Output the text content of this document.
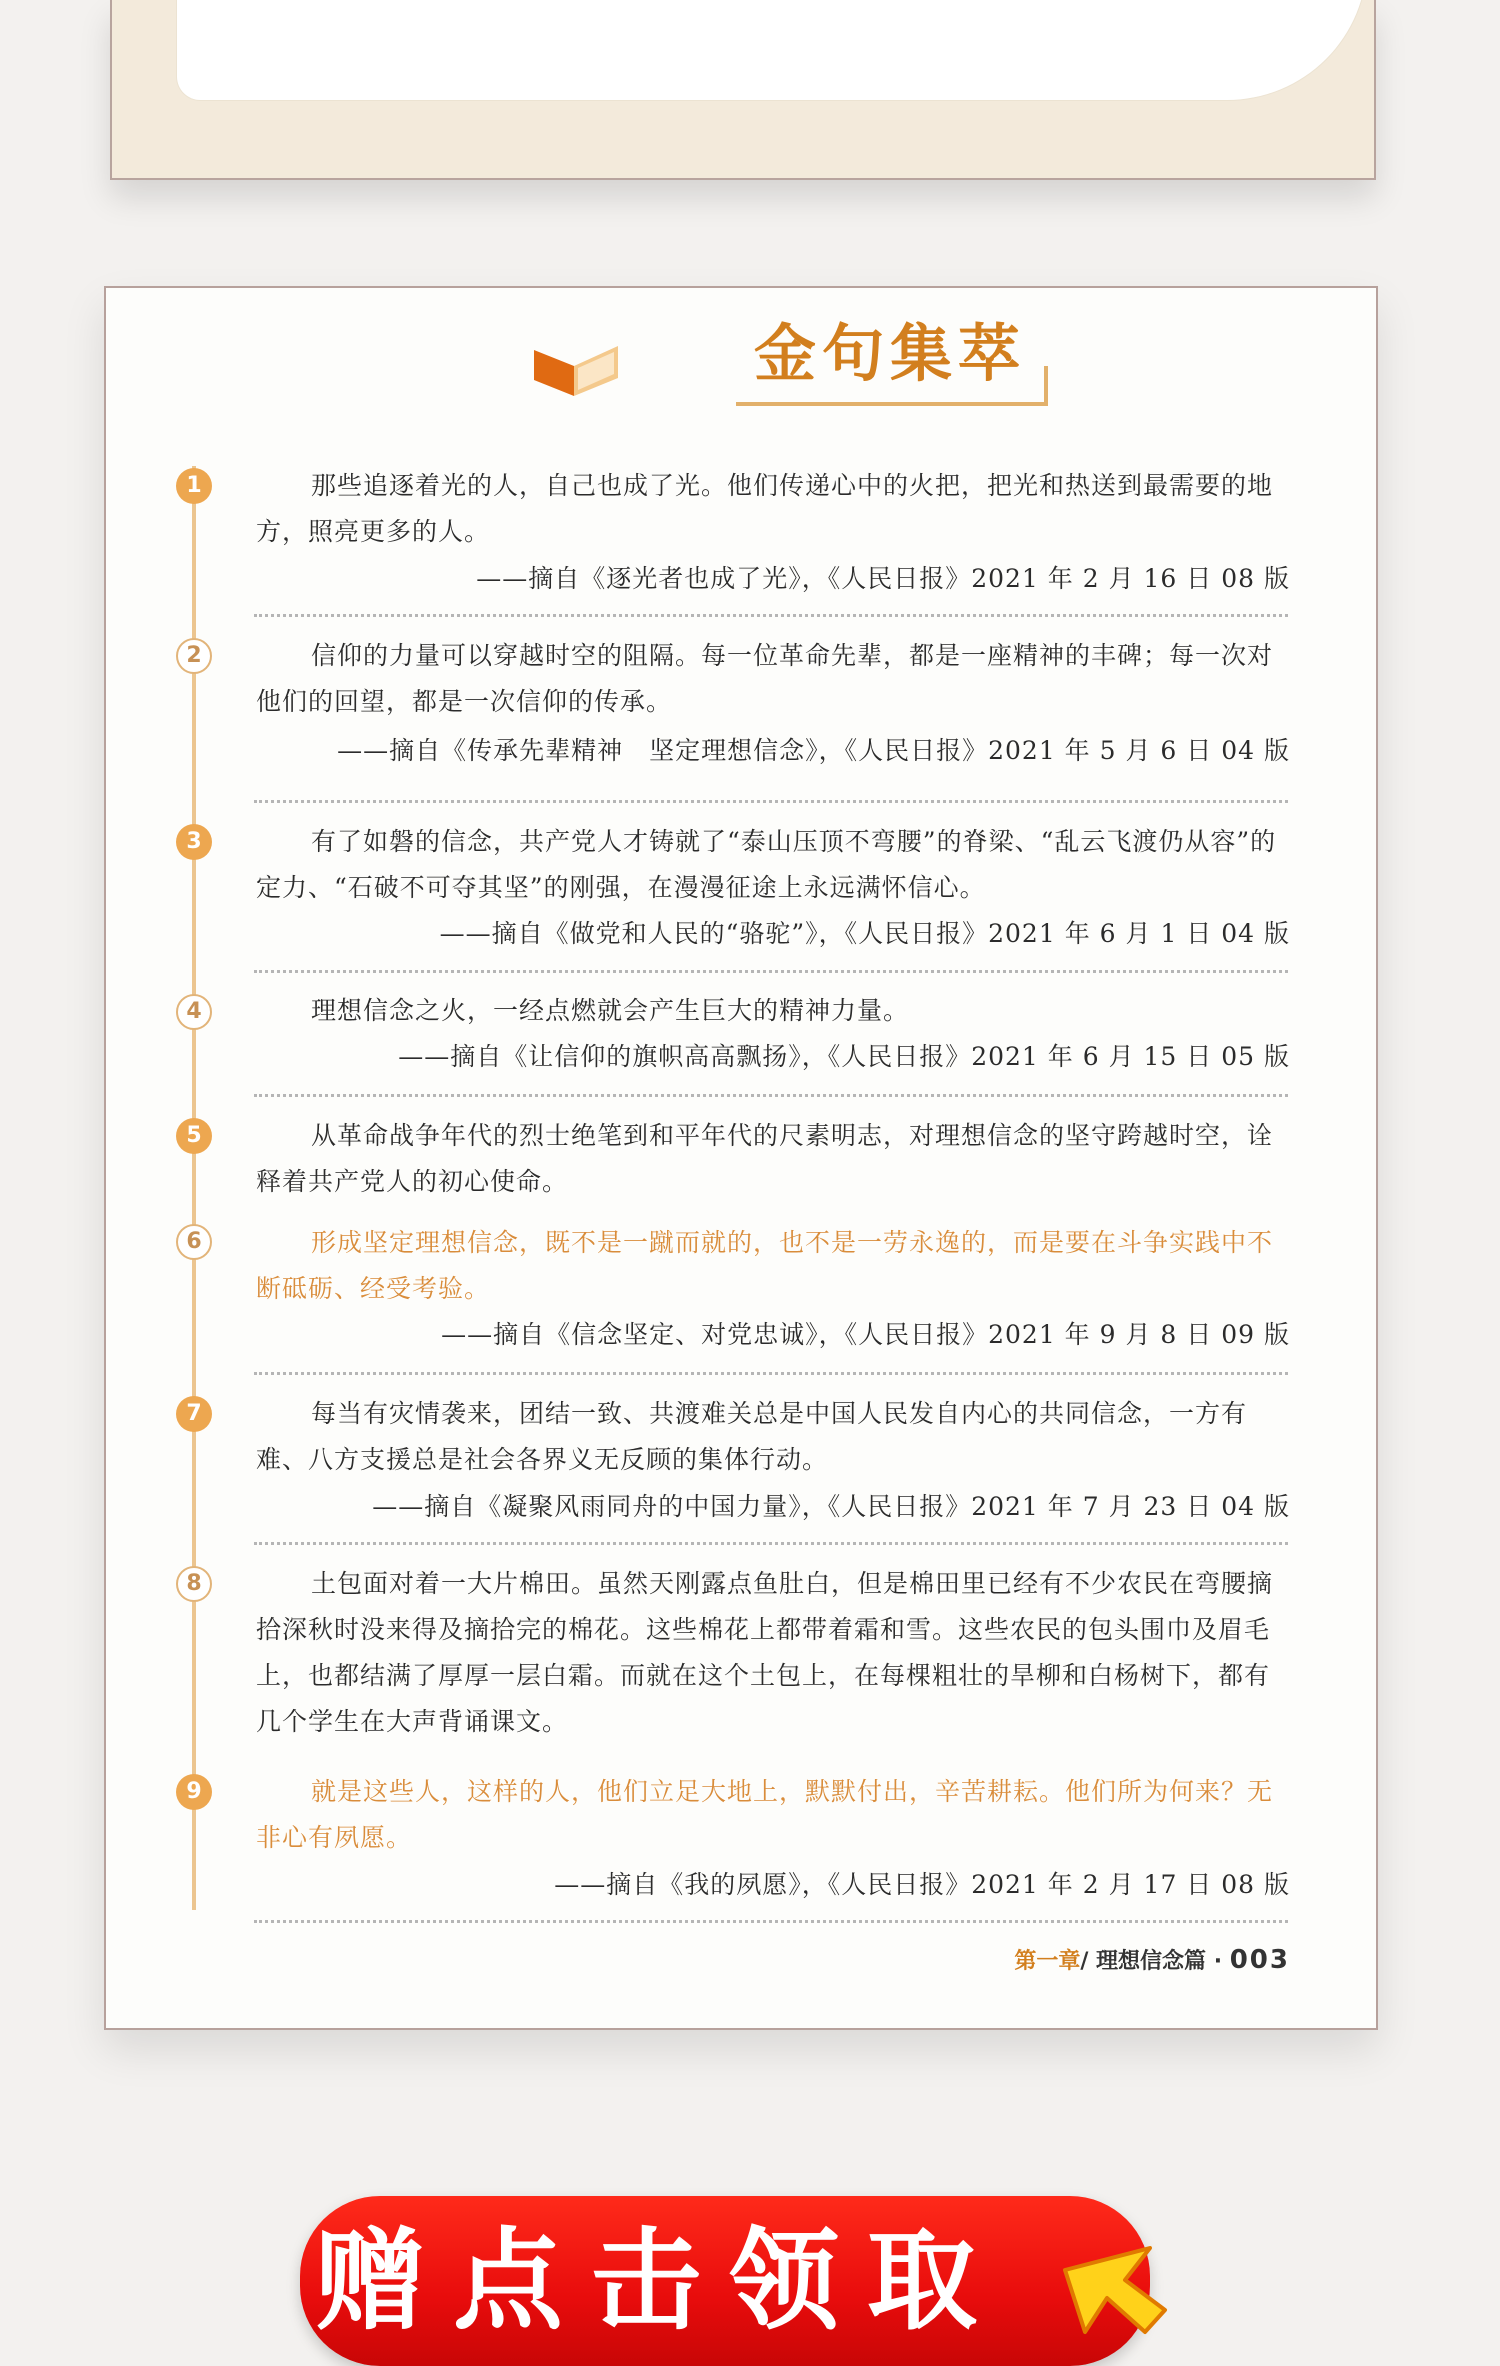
金句集萃
1	那些追逐着光的人，自己也成了光。他们传递心中的火把，把光和热送到最需要的地方，照亮更多的人。
——摘自《逐光者也成了光》，《人民日报》2021 年 2 月 16 日 08 版
2	信仰的力量可以穿越时空的阻隔。每一位革命先辈，都是一座精神的丰碑；每一次对他们的回望，都是一次信仰的传承。
——摘自《传承先辈精神　坚定理想信念》，《人民日报》2021 年 5 月 6 日 04 版
3	有了如磐的信念，共产党人才铸就了“泰山压顶不弯腰”的脊梁、“乱云飞渡仍从容”的定力、“石破不可夺其坚”的刚强，在漫漫征途上永远满怀信心。
——摘自《做党和人民的“骆驼”》，《人民日报》2021 年 6 月 1 日 04 版
4	理想信念之火，一经点燃就会产生巨大的精神力量。
——摘自《让信仰的旗帜高高飘扬》，《人民日报》2021 年 6 月 15 日 05 版
5	从革命战争年代的烈士绝笔到和平年代的尺素明志，对理想信念的坚守跨越时空，诠释着共产党人的初心使命。
6	形成坚定理想信念，既不是一蹴而就的，也不是一劳永逸的，而是要在斗争实践中不断砥砺、经受考验。
——摘自《信念坚定、对党忠诚》，《人民日报》2021 年 9 月 8 日 09 版
7	每当有灾情袭来，团结一致、共渡难关总是中国人民发自内心的共同信念，一方有难、八方支援总是社会各界义无反顾的集体行动。
——摘自《凝聚风雨同舟的中国力量》，《人民日报》2021 年 7 月 23 日 04 版
8	土包面对着一大片棉田。虽然天刚露点鱼肚白，但是棉田里已经有不少农民在弯腰摘拾深秋时没来得及摘拾完的棉花。这些棉花上都带着霜和雪。这些农民的包头围巾及眉毛上，也都结满了厚厚一层白霜。而就在这个土包上，在每棵粗壮的旱柳和白杨树下，都有几个学生在大声背诵课文。
9	就是这些人，这样的人，他们立足大地上，默默付出，辛苦耕耘。他们所为何来？无非心有夙愿。
——摘自《我的夙愿》，《人民日报》2021 年 2 月 17 日 08 版
第一章/ 理想信念篇 · 003
赠点击领取
